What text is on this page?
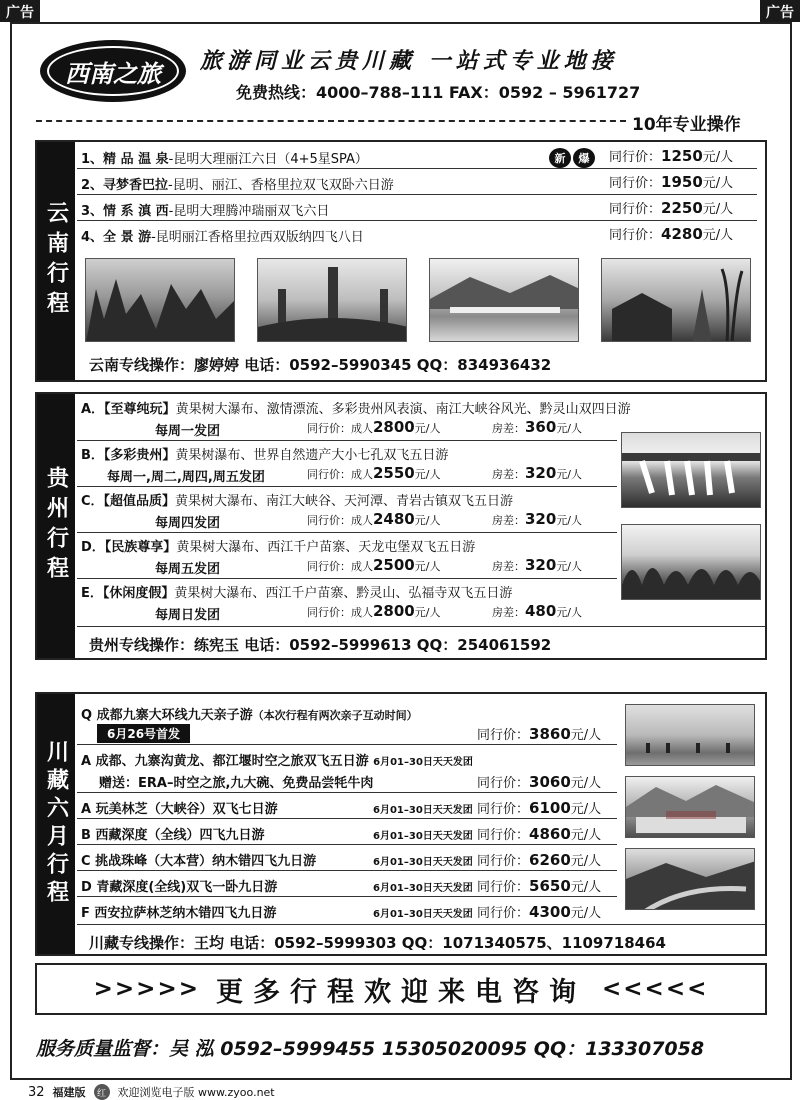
广告	广告
西南之旅	旅游同业云贵川藏 一站式专业地接
免费热线：4000–788–111 FAX：0592 – 5961727
10年专业操作
云南行程
1、精 品 温 泉-昆明大理丽江六日（4+5星SPA）	新	爆	同行价：1250元/人
2、寻梦香巴拉-昆明、丽江、香格里拉双飞双卧六日游	同行价：1950元/人
3、情 系 滇 西-昆明大理腾冲瑞丽双飞六日	同行价：2250元/人
4、全 景 游-昆明丽江香格里拉西双版纳四飞八日	同行价：4280元/人
云南专线操作：廖婷婷 电话：0592–5990345 QQ：834936432
贵州行程
A．【至尊纯玩】黄果树大瀑布、激情漂流、多彩贵州风表演、南江大峡谷风光、黔灵山双四日游
每周一发团	同行价：成人2800元/人	房差：360元/人
B．【多彩贵州】黄果树瀑布、世界自然遗产大小七孔双飞五日游
每周一,周二,周四,周五发团	同行价：成人2550元/人	房差：320元/人
C．【超值品质】黄果树大瀑布、南江大峡谷、天河潭、青岩古镇双飞五日游
每周四发团	同行价：成人2480元/人	房差：320元/人
D．【民族尊享】黄果树大瀑布、西江千户苗寨、天龙屯堡双飞五日游
每周五发团	同行价：成人2500元/人	房差：320元/人
E．【休闲度假】黄果树大瀑布、西江千户苗寨、黔灵山、弘福寺双飞五日游
每周日发团	同行价：成人2800元/人	房差：480元/人
贵州专线操作：练宪玉 电话：0592–5999613 QQ：254061592
川藏六月行程
Q 成都九寨大环线九天亲子游（本次行程有两次亲子互动时间）
6月26号首发	同行价：3860元/人
A 成都、九寨沟黄龙、都江堰时空之旅双飞五日游 6月01–30日天天发团
赠送：ERA–时空之旅,九大碗、免费品尝牦牛肉	同行价：3060元/人
A 玩美林芝（大峡谷）双飞七日游	6月01–30日天天发团 同行价：6100元/人
B 西藏深度（全线）四飞九日游	6月01–30日天天发团 同行价：4860元/人
C 挑战珠峰（大本营）纳木错四飞九日游	6月01–30日天天发团 同行价：6260元/人
D 青藏深度(全线)双飞一卧九日游	6月01–30日天天发团 同行价：5650元/人
F 西安拉萨林芝纳木错四飞九日游	6月01–30日天天发团 同行价：4300元/人
川藏专线操作：王均 电话：0592–5999303 QQ：1071340575、1109718464
>>>>> 更多行程欢迎来电咨询 <<<<<
服务质量监督：吴 泓 0592–5999455 15305020095 QQ：133307058
32 福建版	红	欢迎浏览电子版 www.zyoo.net
